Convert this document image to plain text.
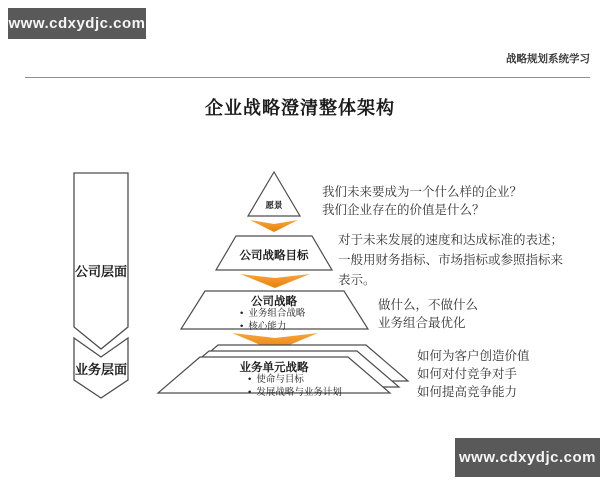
www.cdxydjc.com
战略规划系统学习
企业战略澄清整体架构
公司层面
业务层面
愿景
公司战略目标
公司战略
• 业务组合战略
• 核心能力
业务单元战略
• 使命与目标
• 发展战略与业务计划
我们未来要成为一个什么样的企业？
我们企业存在的价值是什么？
对于未来发展的速度和达成标准的表述；
一般用财务指标、市场指标或参照指标来
表示。
做什么，不做什么
业务组合最优化
如何为客户创造价值
如何对付竞争对手
如何提高竞争能力
www.cdxydjc.com
